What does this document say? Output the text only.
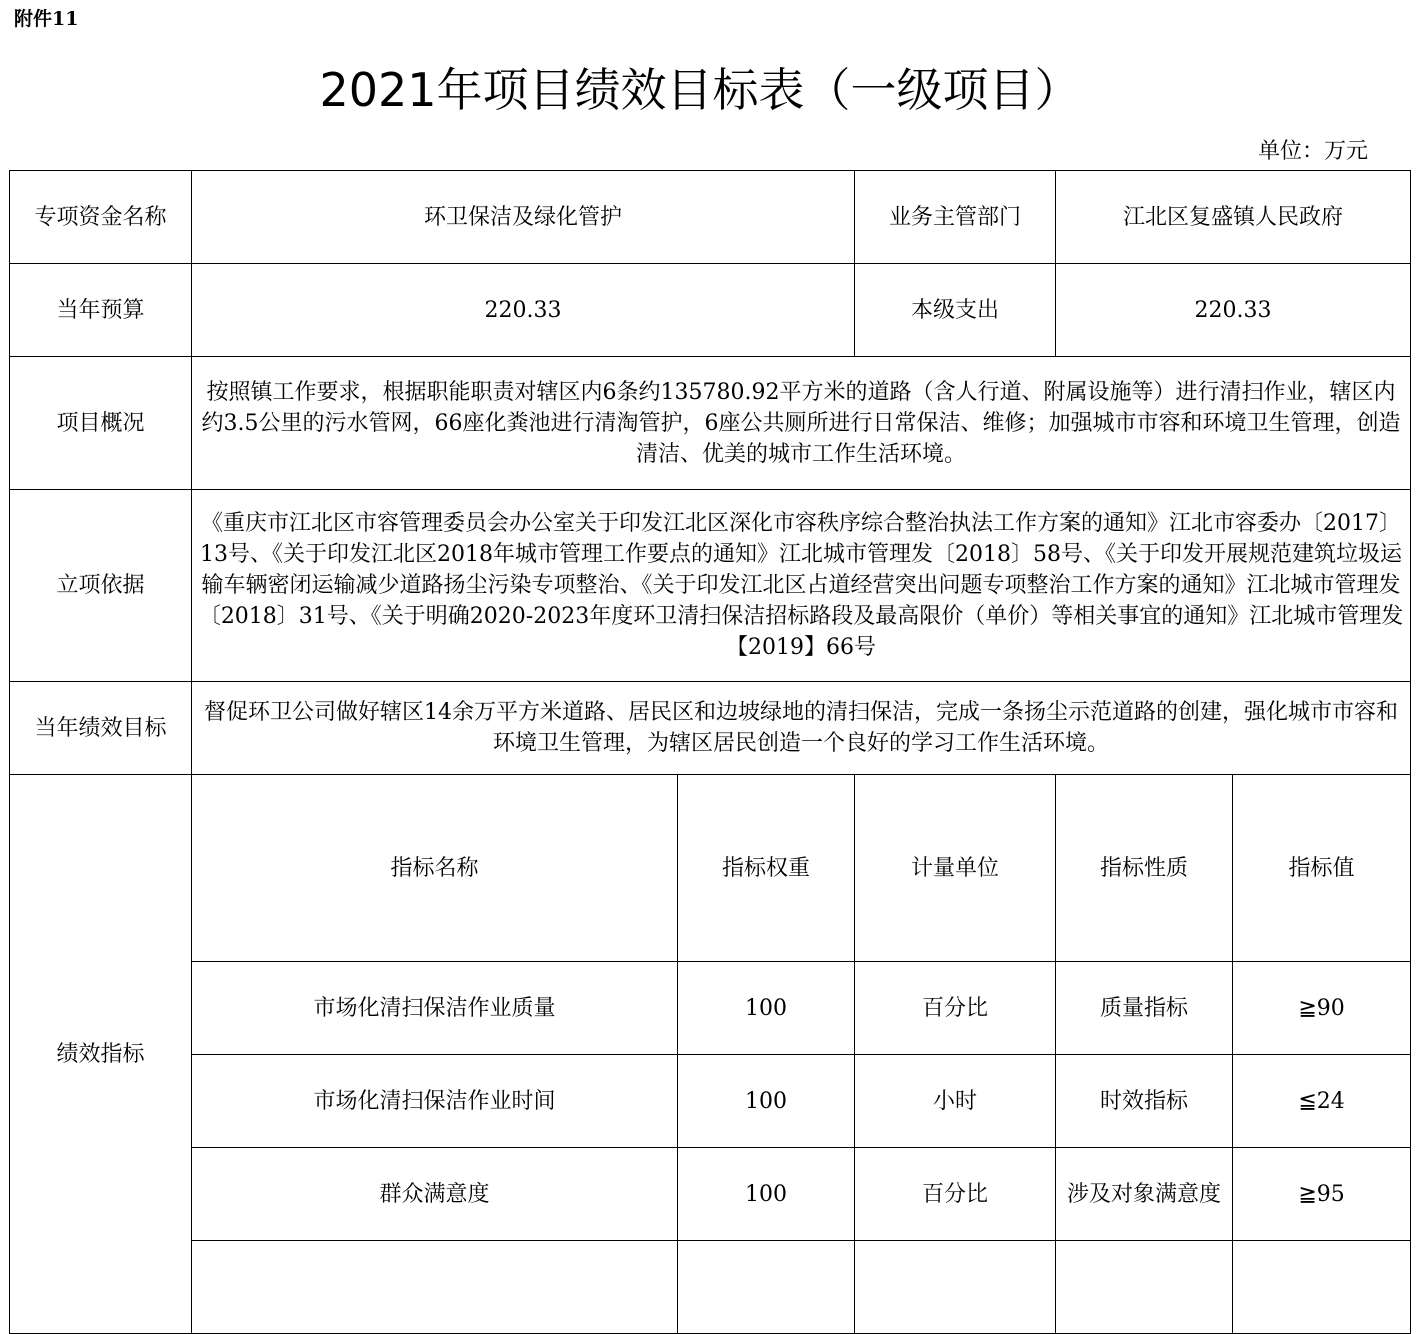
附件11
2021年项目绩效目标表（一级项目）
单位：万元
专项资金名称	环卫保洁及绿化管护		业务主管部门	江北区复盛镇人民政府		
当年预算	220.33		本级支出	220.33		
项目概况	按照镇工作要求，根据职能职责对辖区内6条约135780.92平方米的道路（含人行道、附属设施等）进行清扫作业，辖区内约3.5公里的污水管网，66座化粪池进行清淘管护，6座公共厕所进行日常保洁、维修；加强城市市容和环境卫生管理，创造清洁、优美的城市工作生活环境。					
立项依据	《重庆市江北区市容管理委员会办公室关于印发江北区深化市容秩序综合整治执法工作方案的通知》江北市容委办〔2017〕13号、《关于印发江北区2018年城市管理工作要点的通知》江北城市管理发〔2018〕58号、《关于印发开展规范建筑垃圾运输车辆密闭运输减少道路扬尘污染专项整治、《关于印发江北区占道经营突出问题专项整治工作方案的通知》江北城市管理发〔2018〕31号、《关于明确2020-2023年度环卫清扫保洁招标路段及最高限价（单价）等相关事宜的通知》江北城市管理发【2019】66号					
当年绩效目标	督促环卫公司做好辖区14余万平方米道路、居民区和边坡绿地的清扫保洁，完成一条扬尘示范道路的创建，强化城市市容和环境卫生管理，为辖区居民创造一个良好的学习工作生活环境。					
绩效指标	指标名称	指标权重	计量单位	指标性质	指标值	
	市场化清扫保洁作业质量	100	百分比	质量指标	≧90	
	市场化清扫保洁作业时间	100	小时	时效指标	≦24	
	群众满意度	100	百分比	涉及对象满意度	≧95	
